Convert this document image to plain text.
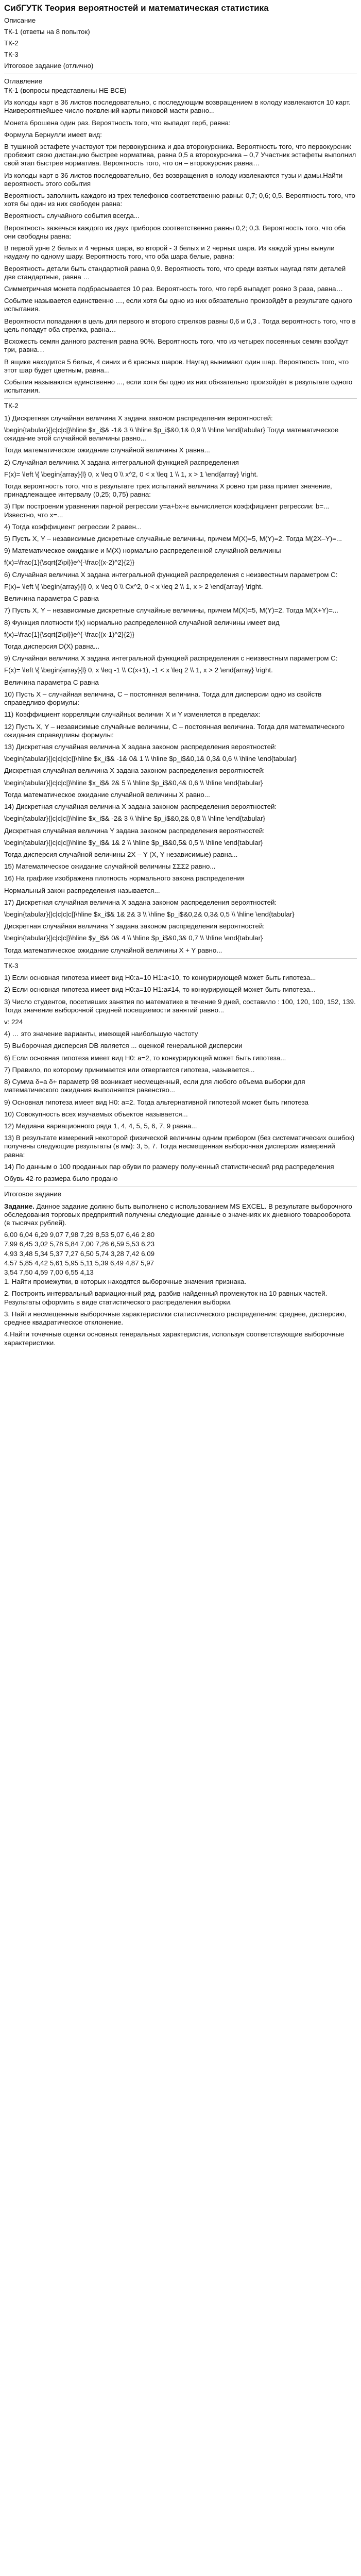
СибГУТК Теория вероятностей и математическая статистика

Описание

ТК-1 (ответы на 8 попыток)

ТК-2

ТК-3

Итоговое задание (отлично)

Оглавление

ТК-1 (вопросы представлены НЕ ВСЕ)

Из колоды карт в 36 листов последовательно, с последующим возвращением в колоду извлекаются 10 карт. Наивероятнейшее число появлений карты пиковой масти равно...

Монета брошена один раз. Вероятность того, что выпадет герб, равна:

Формула Бернулли имеет вид:

В тушиной эстафете участвуют три первокурсника и два второкурсника. Вероятность того, что первокурсник пробежит свою дистанцию быстрее норматива, равна 0,5 а второкурсника – 0,7 Участник эстафеты выполнил свой этап быстрее норматива. Вероятность того, что он – второкурсник равна…

Из колоды карт в 36 листов последовательно, без возвращения в колоду извлекаются тузы и дамы.Найти вероятность этого события

Вероятность заполнить каждого из трех телефонов соответственно равны: 0,7; 0,6; 0,5. Вероятность того, что хотя бы один из них свободен равна:

Вероятность случайного события всегда...

Вероятность зажечься каждого из двух приборов соответственно равны 0,2; 0,3. Вероятность того, что оба они свободны равна:

В первой урне 2 белых и 4 черных шара, во второй - 3 белых и 2 черных шара. Из каждой урны вынули наудачу по одному шару. Вероятность того, что оба шара белые, равна:

Вероятность детали быть стандартной равна 0,9. Вероятность того, что среди взятых наугад пяти деталей две стандартные, равна …

Симметричная монета подбрасывается 10 раз. Вероятность того, что герб выпадет ровно 3 раза, равна…

Событие называется единственно …, если хотя бы одно из них обязательно произойдёт в результате одного испытания.

Вероятности попадания в цель для первого и второго стрелков равны 0,6 и 0,3 . Тогда вероятность того, что в цель попадут оба стрелка, равна…

Всхожесть семян данного растения равна 90%. Вероятность того, что из четырех посеянных семян взойдут три, равна…

В ящике находится 5 белых, 4 синих и 6 красных шаров. Наугад вынимают один шар. Вероятность того, что этот шар будет цветным, равна...

События называются единственно ..., если хотя бы одно из них обязательно произойдёт в результате одного испытания.

ТК-2

1) Дискретная случайная величина X задана законом распределения вероятностей:

\begin{tabular}{|c|c|c|}\hline $x_i$& -1& 3 \\ \hline $p_i$&0,1& 0,9 \\ \hline \end{tabular} Тогда математическое ожидание этой случайной величины равно...

Тогда математическое ожидание случайной величины X равна...

2) Случайная величина X задана интегральной функцией распределения

F(x)= \left \{ \begin{array}{l} 0, x \leq 0 \\ x^2, 0 < x \leq 1 \\ 1, x > 1 \end{array} \right.

Тогда вероятность того, что в результате трех испытаний величина X ровно три раза примет значение, принадлежащее интервалу (0,25; 0,75) равна:

3) При построении уравнения парной регрессии y=a+bx+ε вычисляется коэффициент регрессии: b=... Известно, что x=...

4) Тогда коэффициент регрессии 2 равен...

5) Пусть X, Y – независимые дискретные случайные величины, причем M(X)=5, M(Y)=2. Тогда M(2X–Y)=...

9) Математическое ожидание и M(X) нормально распределенной случайной величины

f(x)=\frac{1}{\sqrt{2\pi}}e^{-\frac{(x-2)^2}{2}}

6) Случайная величина X задана интегральной функцией распределения с неизвестным параметром C:

F(x)= \left \{ \begin{array}{l} 0, x \leq 0 \\ Cx^2, 0 < x \leq 2 \\ 1, x > 2 \end{array} \right.

Величина параметра C равна

7) Пусть X, Y – независимые дискретные случайные величины, причем M(X)=5, M(Y)=2. Тогда M(X+Y)=...

8) Функция плотности f(x) нормально распределенной случайной величины имеет вид

f(x)=\frac{1}{\sqrt{2\pi}}e^{-\frac{(x-1)^2}{2}}

Тогда дисперсия D(X) равна...

9) Случайная величина X задана интегральной функцией распределения с неизвестным параметром C:

F(x)= \left \{ \begin{array}{l} 0, x \leq -1 \\ C(x+1), -1 < x \leq 2 \\ 1, x > 2 \end{array} \right.

Величина параметра C равна

10) Пусть X – случайная величина, C – постоянная величина. Тогда для дисперсии одно из свойств справедливо формулы:

11) Коэффициент корреляции случайных величин X и Y изменяется в пределах:

12) Пусть X, Y – независимые случайные величины, C – постоянная величина. Тогда для математического ожидания справедливы формулы:

13) Дискретная случайная величина X задана законом распределения вероятностей:

\begin{tabular}{|c|c|c|c|}\hline $x_i$& -1& 0& 1 \\ \hline $p_i$&0,1& 0,3& 0,6 \\ \hline \end{tabular}

Дискретная случайная величина X задана законом распределения вероятностей:

\begin{tabular}{|c|c|c|}\hline $x_i$& 2& 5 \\ \hline $p_i$&0,4& 0,6 \\ \hline \end{tabular}

Тогда математическое ожидание случайной величины X равно...

14) Дискретная случайная величина X задана законом распределения вероятностей:

\begin{tabular}{|c|c|c|}\hline $x_i$& -2& 3 \\ \hline $p_i$&0,2& 0,8 \\ \hline \end{tabular}

Дискретная случайная величина Y задана законом распределения вероятностей:

\begin{tabular}{|c|c|c|}\hline $y_i$& 1& 2 \\ \hline $p_i$&0,5& 0,5 \\ \hline \end{tabular}

Тогда дисперсия случайной величины 2X – Y (X, Y независимые) равна...

15) Математическое ожидание случайной величины ΣΣΣ2 равно...

16) На графике изображена плотность нормального закона распределения

Нормальный закон распределения называется...

17) Дискретная случайная величина X задана законом распределения вероятностей:

\begin{tabular}{|c|c|c|c|}\hline $x_i$& 1& 2& 3 \\ \hline $p_i$&0,2& 0,3& 0,5 \\ \hline \end{tabular}

Дискретная случайная величина Y задана законом распределения вероятностей:

\begin{tabular}{|c|c|c|}\hline $y_i$& 0& 4 \\ \hline $p_i$&0,3& 0,7 \\ \hline \end{tabular}

Тогда математическое ожидание случайной величины X + Y равно...

ТК-3

1) Если основная гипотеза имеет вид H0:a=10 H1:a<10, то конкурирующей может быть гипотеза...

2) Если основная гипотеза имеет вид H0:a=10 H1:a≠14, то конкурирующей может быть гипотеза...

3) Число студентов, посетивших занятия по математике в течение 9 дней, составило : 100, 120, 100, 152, 139. Тогда значение выборочной средней посещаемости занятий равно...

v: 224

4) … это значение варианты, имеющей наибольшую частоту

5) Выборочная дисперсия DВ является ... оценкой генеральной дисперсии

6) Если основная гипотеза имеет вид H0: a=2, то конкурирующей может быть гипотеза...

7) Правило, по которому принимается или отвергается гипотеза, называется...

8) Сумма δ=a δ+ параметр 98 возникает несмещенный, если для любого объема выборки для математического ожидания выполняется равенство...

9) Основная гипотеза имеет вид H0: a=2. Тогда альтернативной гипотезой может быть гипотеза

10) Совокупность всех изучаемых объектов называется...

12) Медиана вариационного ряда 1, 4, 4, 5, 5, 6, 7, 9 равна...

13) В результате измерений некоторой физической величины одним прибором (без систематических ошибок) получены следующие результаты (в мм): 3, 5, 7. Тогда несмещенная выборочная дисперсия измерений равна:

14) По данным о 100 проданных пар обуви по размеру полученный статистический ряд распределения

Обувь 42-го размера было продано

Итоговое задание

Задание. Данное задание должно быть выполнено с использованием MS EXCEL. В результате выборочного обследования торговых предприятий получены следующие данные о значениях их дневного товарооборота (в тысячах рублей).

6,00 6,04 6,29 9,07 7,98 7,29 8,53 5,07 6,46 2,80

7,99 6,45 3,02 5,78 5,84 7,00 7,26 6,59 5,53 6,23

4,93 3,48 5,34 5,37 7,27 6,50 5,74 3,28 7,42 6,09

4,57 5,85 4,42 5,61 5,95 5,11 5,39 6,49 4,87 5,97

3,54 7,50 4,59 7,00 6,55 4,13

1. Найти промежутки, в которых находятся выборочные значения признака.

2. Построить интервальный вариационный ряд, разбив найденный промежуток на 10 равных частей. Результаты оформить в виде статистического распределения выборки.

3. Найти несмещенные выборочные характеристики статистического распределения: среднее, дисперсию, среднее квадратическое отклонение.

4.Найти точечные оценки основных генеральных характеристик, используя соответствующие выборочные характеристики.
